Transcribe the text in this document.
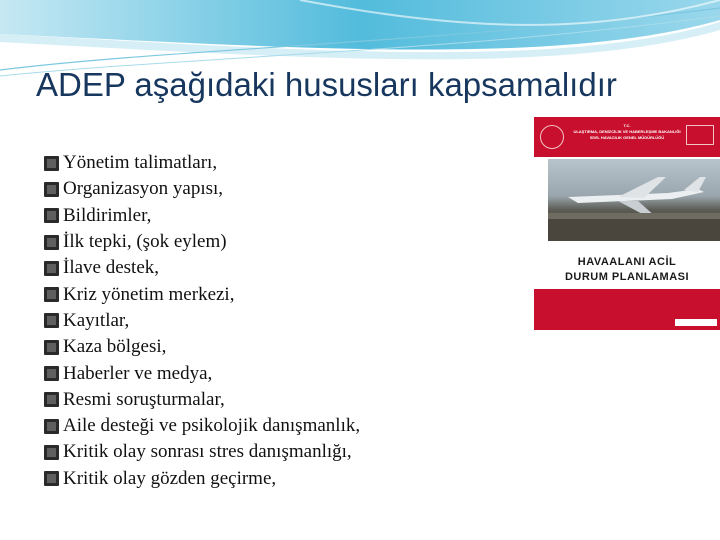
ADEP aşağıdaki hususları kapsamalıdır
Yönetim talimatları,
Organizasyon yapısı,
Bildirimler,
İlk tepki, (şok eylem)
İlave destek,
Kriz yönetim merkezi,
Kayıtlar,
Kaza bölgesi,
Haberler ve medya,
Resmi soruşturmalar,
Aile desteği ve psikolojik danışmanlık,
Kritik olay sonrası stres danışmanlığı,
Kritik olay gözden geçirme,
T.C.
ULAŞTIRMA, DENİZCİLİK VE HABERLEŞME BAKANLIĞI
SİVİL HAVACILIK GENEL MÜDÜRLÜĞÜ
HAVAALANI ACİL
DURUM PLANLAMASI
